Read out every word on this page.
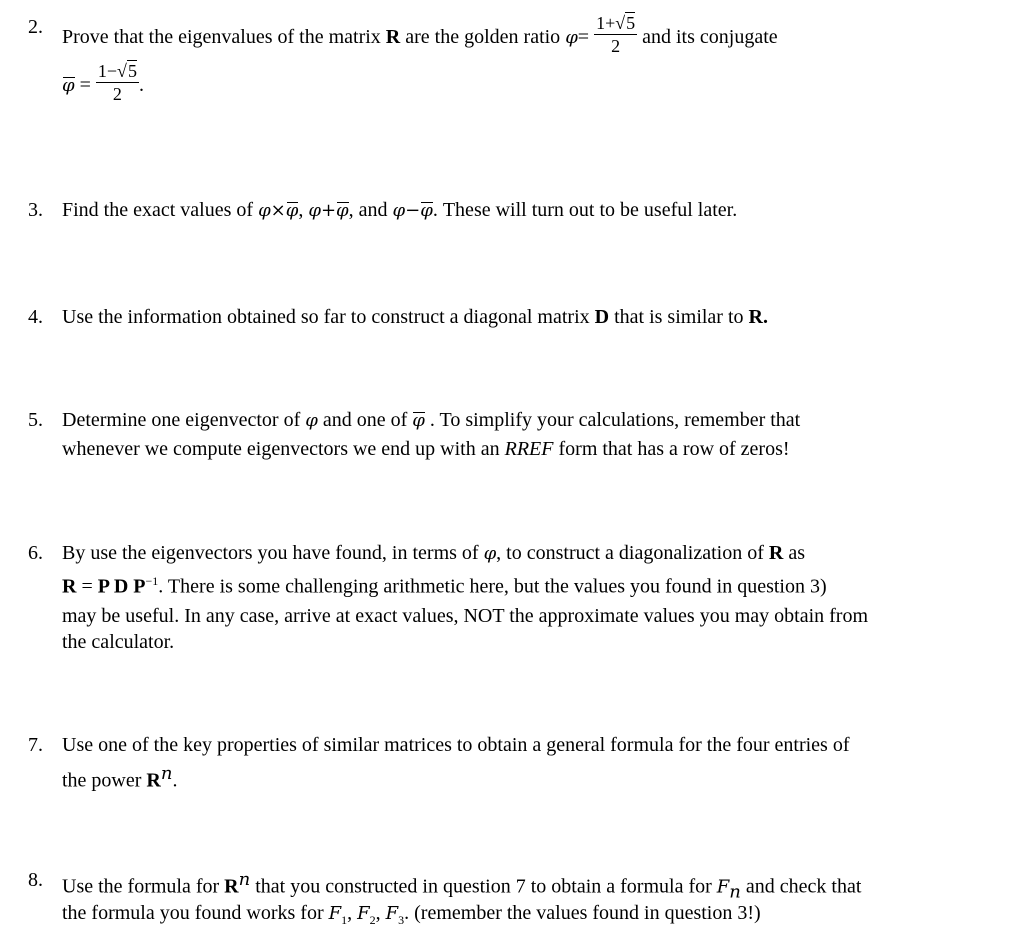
2. Prove that the eigenvalues of the matrix R are the golden ratio $\varphi= \frac{1+√5}{2}$ and its conjugate
$\varphi = \frac{1-√5}{2}$ .
3. Find the exact values of φ×φ, φ+φ, and φ−φ. These will turn out to be useful later.
4. Use the information obtained so far to construct a diagonal matrix D that is similar to R.
5. Determine one eigenvector of φ and one of φ . To simplify your calculations, remember that
whenever we compute eigenvectors we end up with an RREF form that has a row of zeros!
6. By use the eigenvectors you have found, in terms of φ, to construct a diagonalization of R as
R = P D $P^{-1}$. There is some challenging arithmetic here, but the values you found in question 3)
may be useful. In any case, arrive at exact values, NOT the approximate values you may obtain from
the calculator.
7. Use one of the key properties of similar matrices to obtain a general formula for the four entries of
the power $R^n$.
8. Use the formula for $R^n$ that you constructed in question 7 to obtain a formula for $F_n$ and check that
the formula you found works for $F_1$, $F_2$, $F_3$. (remember the values found in question 3!)
